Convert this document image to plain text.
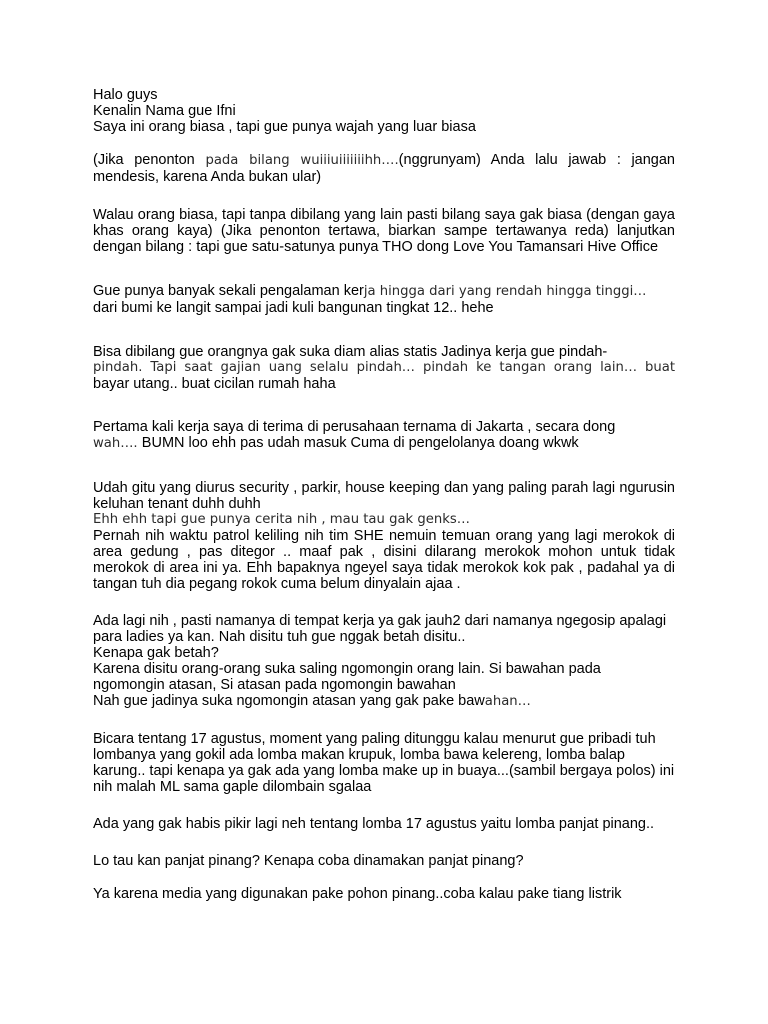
Halo guys
Kenalin Nama gue Ifni
Saya ini orang biasa , tapi gue punya wajah yang luar biasa

(Jika penonton pada bilang wuiiiuiiiiiiihh….(nggrunyam) Anda lalu jawab : jangan mendesis, karena Anda bukan ular)

Walau orang biasa, tapi tanpa dibilang yang lain pasti bilang saya gak biasa (dengan gaya khas orang kaya) (Jika penonton tertawa, biarkan sampe tertawanya reda) lanjutkan dengan bilang : tapi gue satu-satunya punya THO dong Love You Tamansari Hive Office

Gue punya banyak sekali pengalaman kerja hingga dari yang rendah hingga tinggi…
dari bumi ke langit sampai jadi kuli bangunan tingkat 12.. hehe

Bisa dibilang gue orangnya gak suka diam alias statis Jadinya kerja gue pindah-
pindah. Tapi saat gajian uang selalu pindah… pindah ke tangan orang lain… buat
bayar utang.. buat cicilan rumah haha

Pertama kali kerja saya di terima di perusahaan ternama di Jakarta , secara dong
wah…. BUMN loo ehh pas udah masuk Cuma di pengelolanya doang wkwk

Udah gitu yang diurus security , parkir, house keeping dan yang paling parah lagi ngurusin keluhan tenant duhh duhh
Ehh ehh tapi gue punya cerita nih , mau tau gak genks…
Pernah nih waktu patrol keliling nih tim SHE nemuin temuan orang yang lagi merokok di area gedung , pas ditegor .. maaf pak , disini dilarang merokok mohon untuk tidak merokok di area ini ya. Ehh bapaknya ngeyel saya tidak merokok kok pak , padahal ya di tangan tuh dia pegang rokok cuma belum dinyalain ajaa .

Ada lagi nih , pasti namanya di tempat kerja ya gak jauh2 dari namanya ngegosip apalagi para ladies ya kan. Nah disitu tuh gue nggak betah disitu..
Kenapa gak betah?
Karena disitu orang-orang suka saling ngomongin orang lain. Si bawahan pada ngomongin atasan, Si atasan pada ngomongin bawahan
Nah gue jadinya suka ngomongin atasan yang gak pake bawahan…

Bicara tentang 17 agustus, moment yang paling ditunggu kalau menurut gue pribadi tuh lombanya yang gokil ada lomba makan krupuk, lomba bawa kelereng, lomba balap karung.. tapi kenapa ya gak ada yang lomba make up in buaya...(sambil bergaya polos) ini nih malah ML sama gaple dilombain sgalaa

Ada yang gak habis pikir lagi neh tentang lomba 17 agustus yaitu lomba panjat pinang..

Lo tau kan panjat pinang? Kenapa coba dinamakan panjat pinang?

Ya karena media yang digunakan pake pohon pinang..coba kalau pake tiang listrik
